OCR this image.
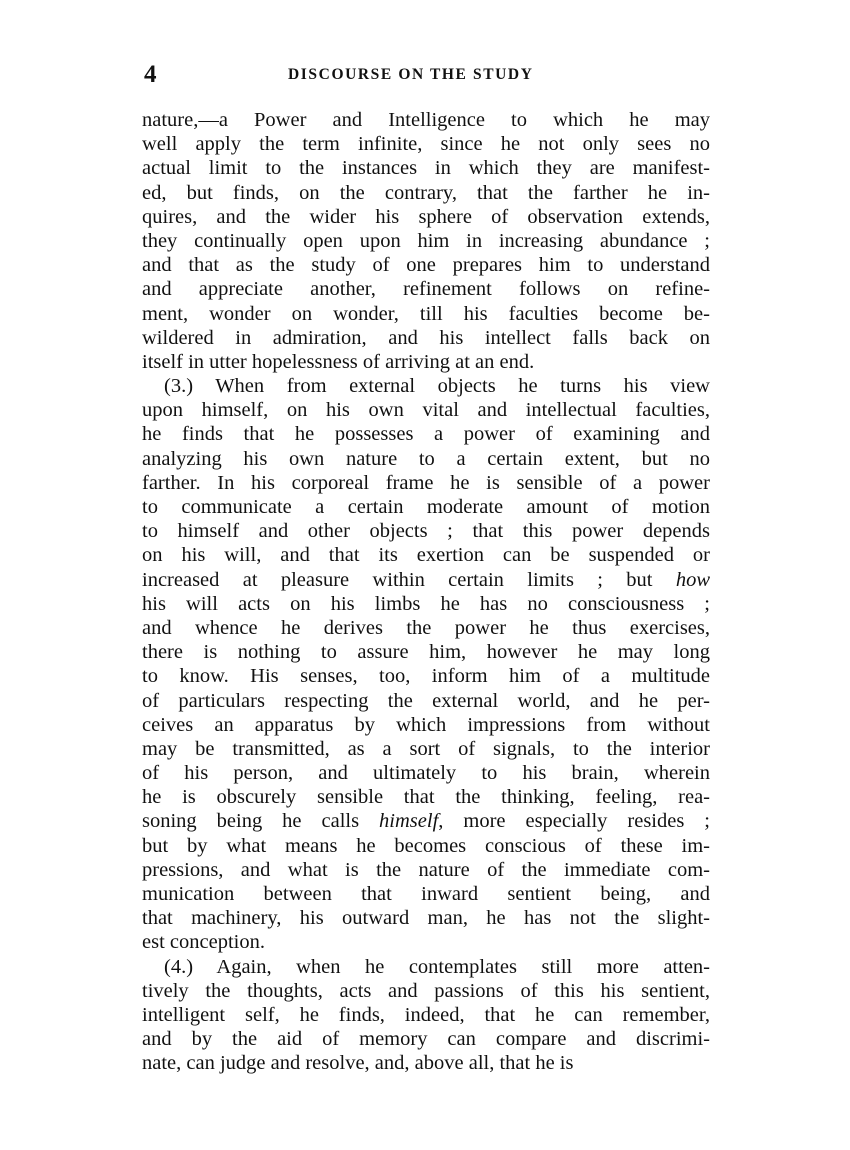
4	DISCOURSE ON THE STUDY
nature,—a Power and Intelligence to which he may
well apply the term infinite, since he not only sees no
actual limit to the instances in which they are manifest-
ed, but finds, on the contrary, that the farther he in-
quires, and the wider his sphere of observation extends,
they continually open upon him in increasing abundance ;
and that as the study of one prepares him to understand
and appreciate another, refinement follows on refine-
ment, wonder on wonder, till his faculties become be-
wildered in admiration, and his intellect falls back on
itself in utter hopelessness of arriving at an end.
(3.) When from external objects he turns his view
upon himself, on his own vital and intellectual faculties,
he finds that he possesses a power of examining and
analyzing his own nature to a certain extent, but no
farther. In his corporeal frame he is sensible of a power
to communicate a certain moderate amount of motion
to himself and other objects ; that this power depends
on his will, and that its exertion can be suspended or
increased at pleasure within certain limits ; but how
his will acts on his limbs he has no consciousness ;
and whence he derives the power he thus exercises,
there is nothing to assure him, however he may long
to know. His senses, too, inform him of a multitude
of particulars respecting the external world, and he per-
ceives an apparatus by which impressions from without
may be transmitted, as a sort of signals, to the interior
of his person, and ultimately to his brain, wherein
he is obscurely sensible that the thinking, feeling, rea-
soning being he calls himself, more especially resides ;
but by what means he becomes conscious of these im-
pressions, and what is the nature of the immediate com-
munication between that inward sentient being, and
that machinery, his outward man, he has not the slight-
est conception.
(4.) Again, when he contemplates still more atten-
tively the thoughts, acts and passions of this his sentient,
intelligent self, he finds, indeed, that he can remember,
and by the aid of memory can compare and discrimi-
nate, can judge and resolve, and, above all, that he is
